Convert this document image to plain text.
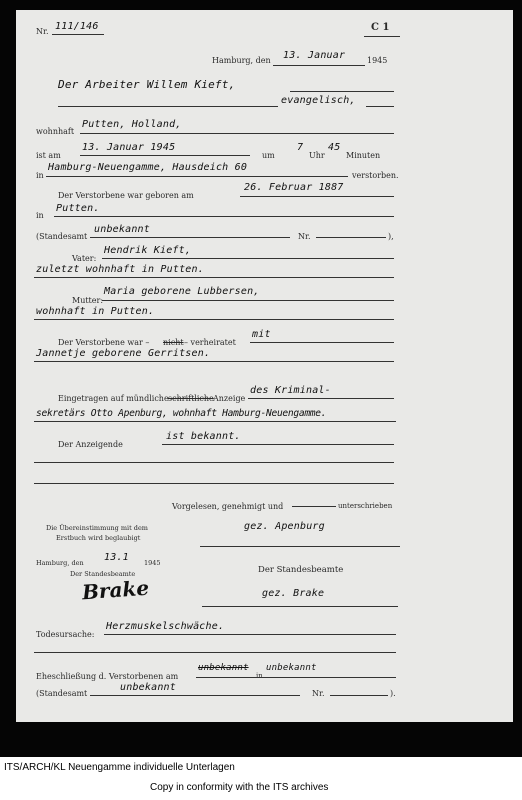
Nr. 111/146	C 1
Hamburg, den 13. Januar	1945
Der Arbeiter Willem Kieft,
evangelisch,
wohnhaft
Putten, Holland,
ist am
13. Januar 1945
um
7
Uhr
45
Minuten
in
Hamburg-Neuengamme, Hausdeich 60
verstorben.
Der Verstorbene war geboren am
26. Februar 1887
in
Putten.
(Standesamt
unbekannt
Nr.	),
Vater:
Hendrik Kieft,
zuletzt wohnhaft in Putten.
Mutter:
Maria geborene Lubbersen,
wohnhaft in Putten.
Der Verstorbene war – nicht – verheiratet
mit
Jannetje geborene Gerritsen.
Eingetragen auf mündliche –
schriftliche Anzeige
des Kriminal-
sekretärs Otto Apenburg, wohnhaft Hamburg-Neuengamme.
Der Anzeigende
ist bekannt.
Vorgelesen, genehmigt und	unterschrieben
Die Übereinstimmung mit dem
Erstbuch wird beglaubigt
gez. Apenburg
Hamburg, den 13.1 1945
Der Standesbeamte	Der Standesbeamte
Brake	gez. Brake
Todesursache:
Herzmuskelschwäche.
Eheschließung d. Verstorbenen am
unbekannt
in
unbekannt
(Standesamt
unbekannt
Nr.	).
ITS/ARCH/KL Neuengamme individuelle Unterlagen
Copy in conformity with the ITS archives
